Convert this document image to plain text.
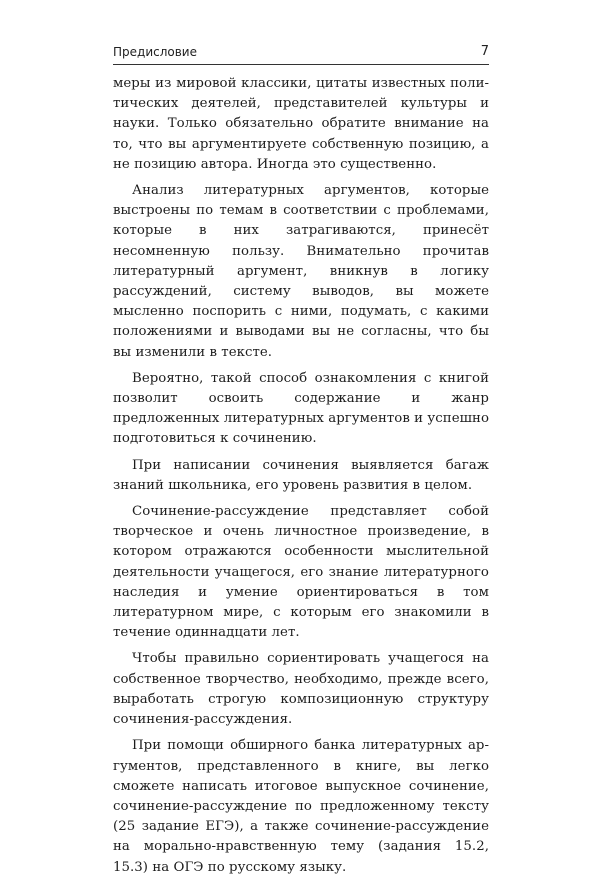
Предисловие	7

меры из мировой классики, цитаты известных политических деятелей, представителей культуры и науки. Только обязательно обратите внимание на то, что вы аргументируете собственную позицию, а не позицию автора. Иногда это существенно.

Анализ литературных аргументов, которые выстроены по темам в соответствии с проблемами, которые в них затрагиваются, принесёт несомненную пользу. Внимательно прочитав литературный аргумент, вникнув в логику рассуждений, систему выводов, вы можете мысленно поспорить с ними, подумать, с какими положениями и выводами вы не согласны, что бы вы изменили в тексте.

Вероятно, такой способ ознакомления с книгой позволит освоить содержание и жанр предложенных литературных аргументов и успешно подготовиться к сочинению.

При написании сочинения выявляется багаж знаний школьника, его уровень развития в целом.

Сочинение-рассуждение представляет собой творческое и очень личностное произведение, в котором отражаются особенности мыслительной деятельности учащегося, его знание литературного наследия и умение ориентироваться в том литературном мире, с которым его знакомили в течение одиннадцати лет.

Чтобы правильно сориентировать учащегося на собственное творчество, необходимо, прежде всего, выработать строгую композиционную структуру сочинения-рассуждения.

При помощи обширного банка литературных аргументов, представленного в книге, вы легко сможете написать итоговое выпускное сочинение, сочинение-рассуждение по предложенному тексту (25 задание ЕГЭ), а также сочинение-рассуждение на морально-нравственную тему (задания 15.2, 15.3) на ОГЭ по русскому языку.
